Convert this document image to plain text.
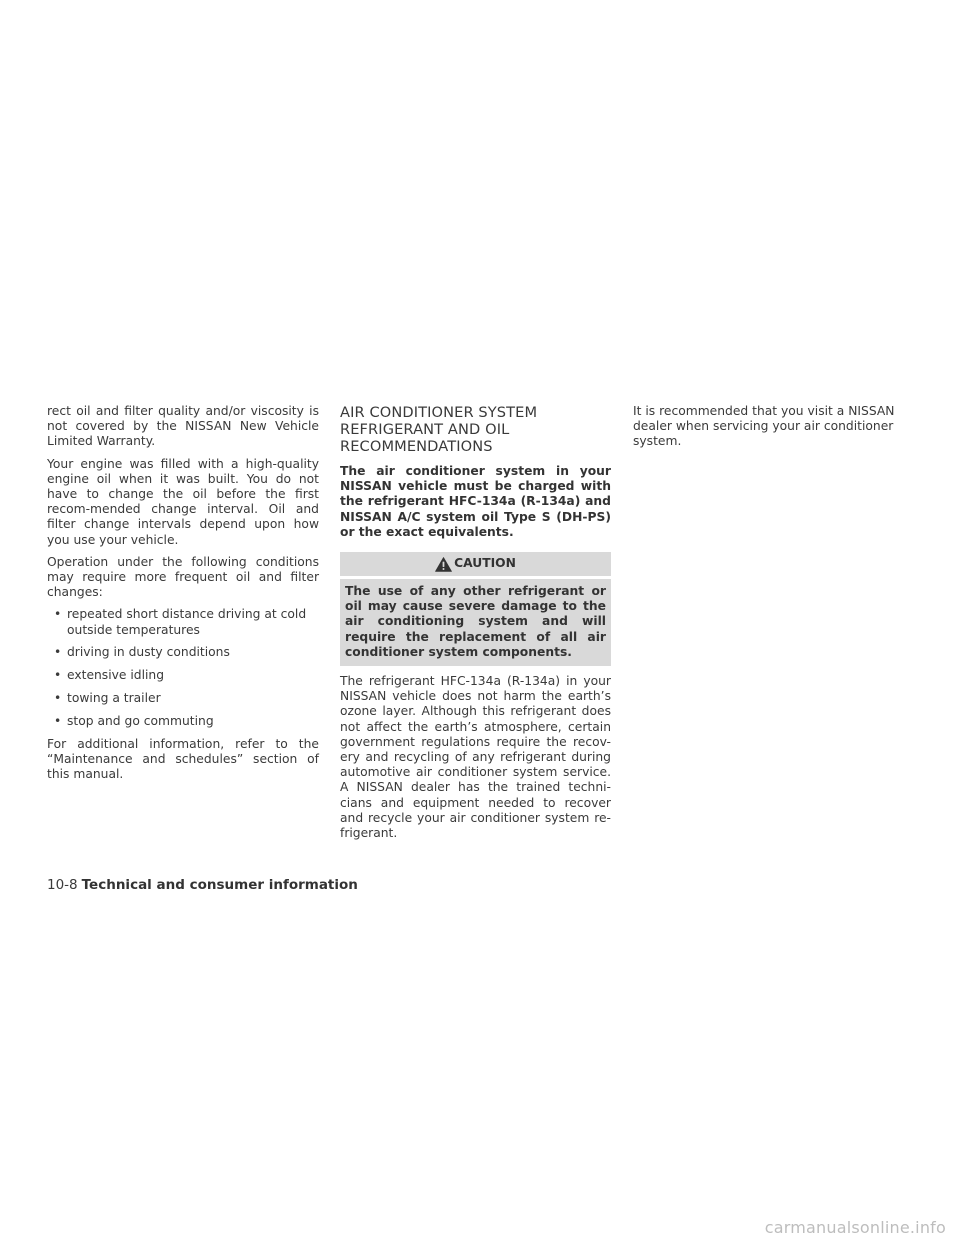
rect oil and filter quality and/or viscosity is not covered by the NISSAN New Vehicle Limited Warranty.

Your engine was filled with a high-quality engine oil when it was built. You do not have to change the oil before the first recom-mended change interval. Oil and filter change intervals depend upon how you use your vehicle.

Operation under the following conditions may require more frequent oil and filter changes:

• repeated short distance driving at cold outside temperatures
• driving in dusty conditions
• extensive idling
• towing a trailer
• stop and go commuting

For additional information, refer to the “Maintenance and schedules” section of this manual.

AIR CONDITIONER SYSTEM
REFRIGERANT AND OIL
RECOMMENDATIONS

The air conditioner system in your NISSAN vehicle must be charged with the refrigerant HFC-134a (R-134a) and NISSAN A/C system oil Type S (DH-PS) or the exact equivalents.

CAUTION
The use of any other refrigerant or oil may cause severe damage to the air conditioning system and will require the replacement of all air conditioner system components.

The refrigerant HFC-134a (R-134a) in your NISSAN vehicle does not harm the earth’s ozone layer. Although this refrigerant does not affect the earth’s atmosphere, certain government regulations require the recov-ery and recycling of any refrigerant during automotive air conditioner system service. A NISSAN dealer has the trained techni-cians and equipment needed to recover and recycle your air conditioner system re-frigerant.

It is recommended that you visit a NISSAN dealer when servicing your air conditioner system.

10-8 Technical and consumer information
carmanualsonline.info
